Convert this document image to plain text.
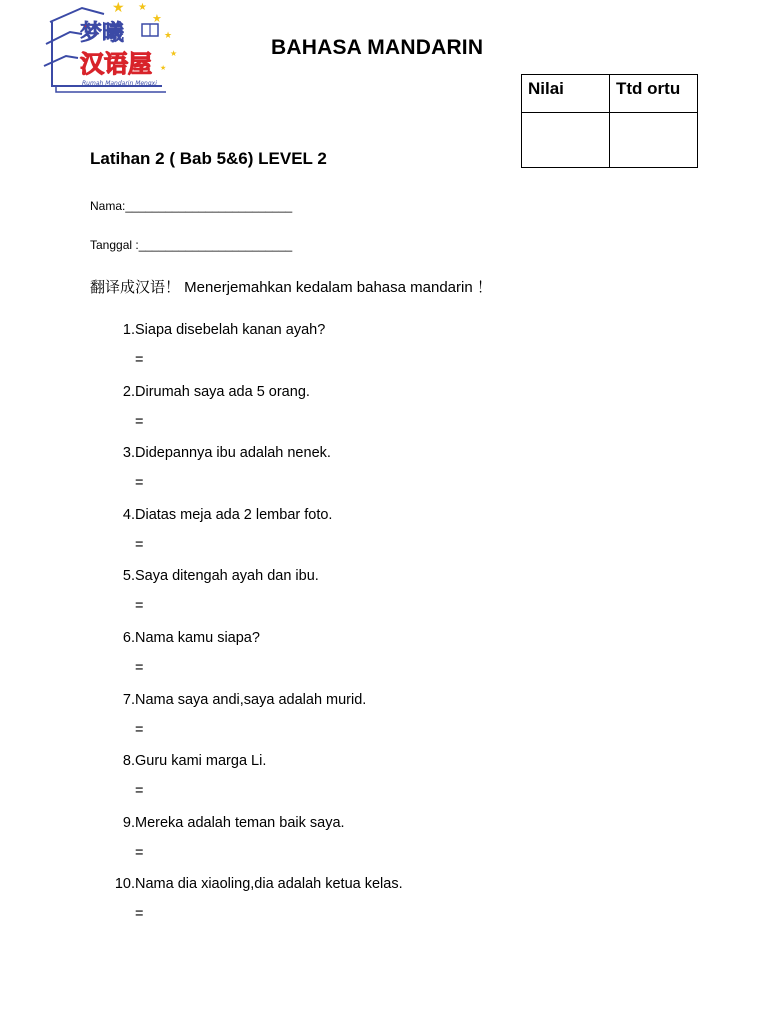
★ ★
★
★
★
★
梦曦
汉语屋
Rumah Mandarin Mengxi
BAHASA MANDARIN
Nilai	Ttd ortu

Latihan 2 ( Bab 5&6) LEVEL 2
Nama:_________________________
Tanggal :_______________________
翻译成汉语！ Menerjemahkan kedalam bahasa mandarin ！
1. Siapa disebelah kanan ayah?
=
2. Dirumah saya ada 5 orang.
=
3. Didepannya ibu adalah nenek.
=
4. Diatas meja ada 2 lembar foto.
=
5. Saya ditengah ayah dan ibu.
=
6. Nama kamu siapa?
=
7. Nama saya andi,saya adalah murid.
=
8. Guru kami marga Li.
=
9. Mereka adalah teman baik saya.
=
10. Nama dia xiaoling,dia adalah ketua kelas.
=
